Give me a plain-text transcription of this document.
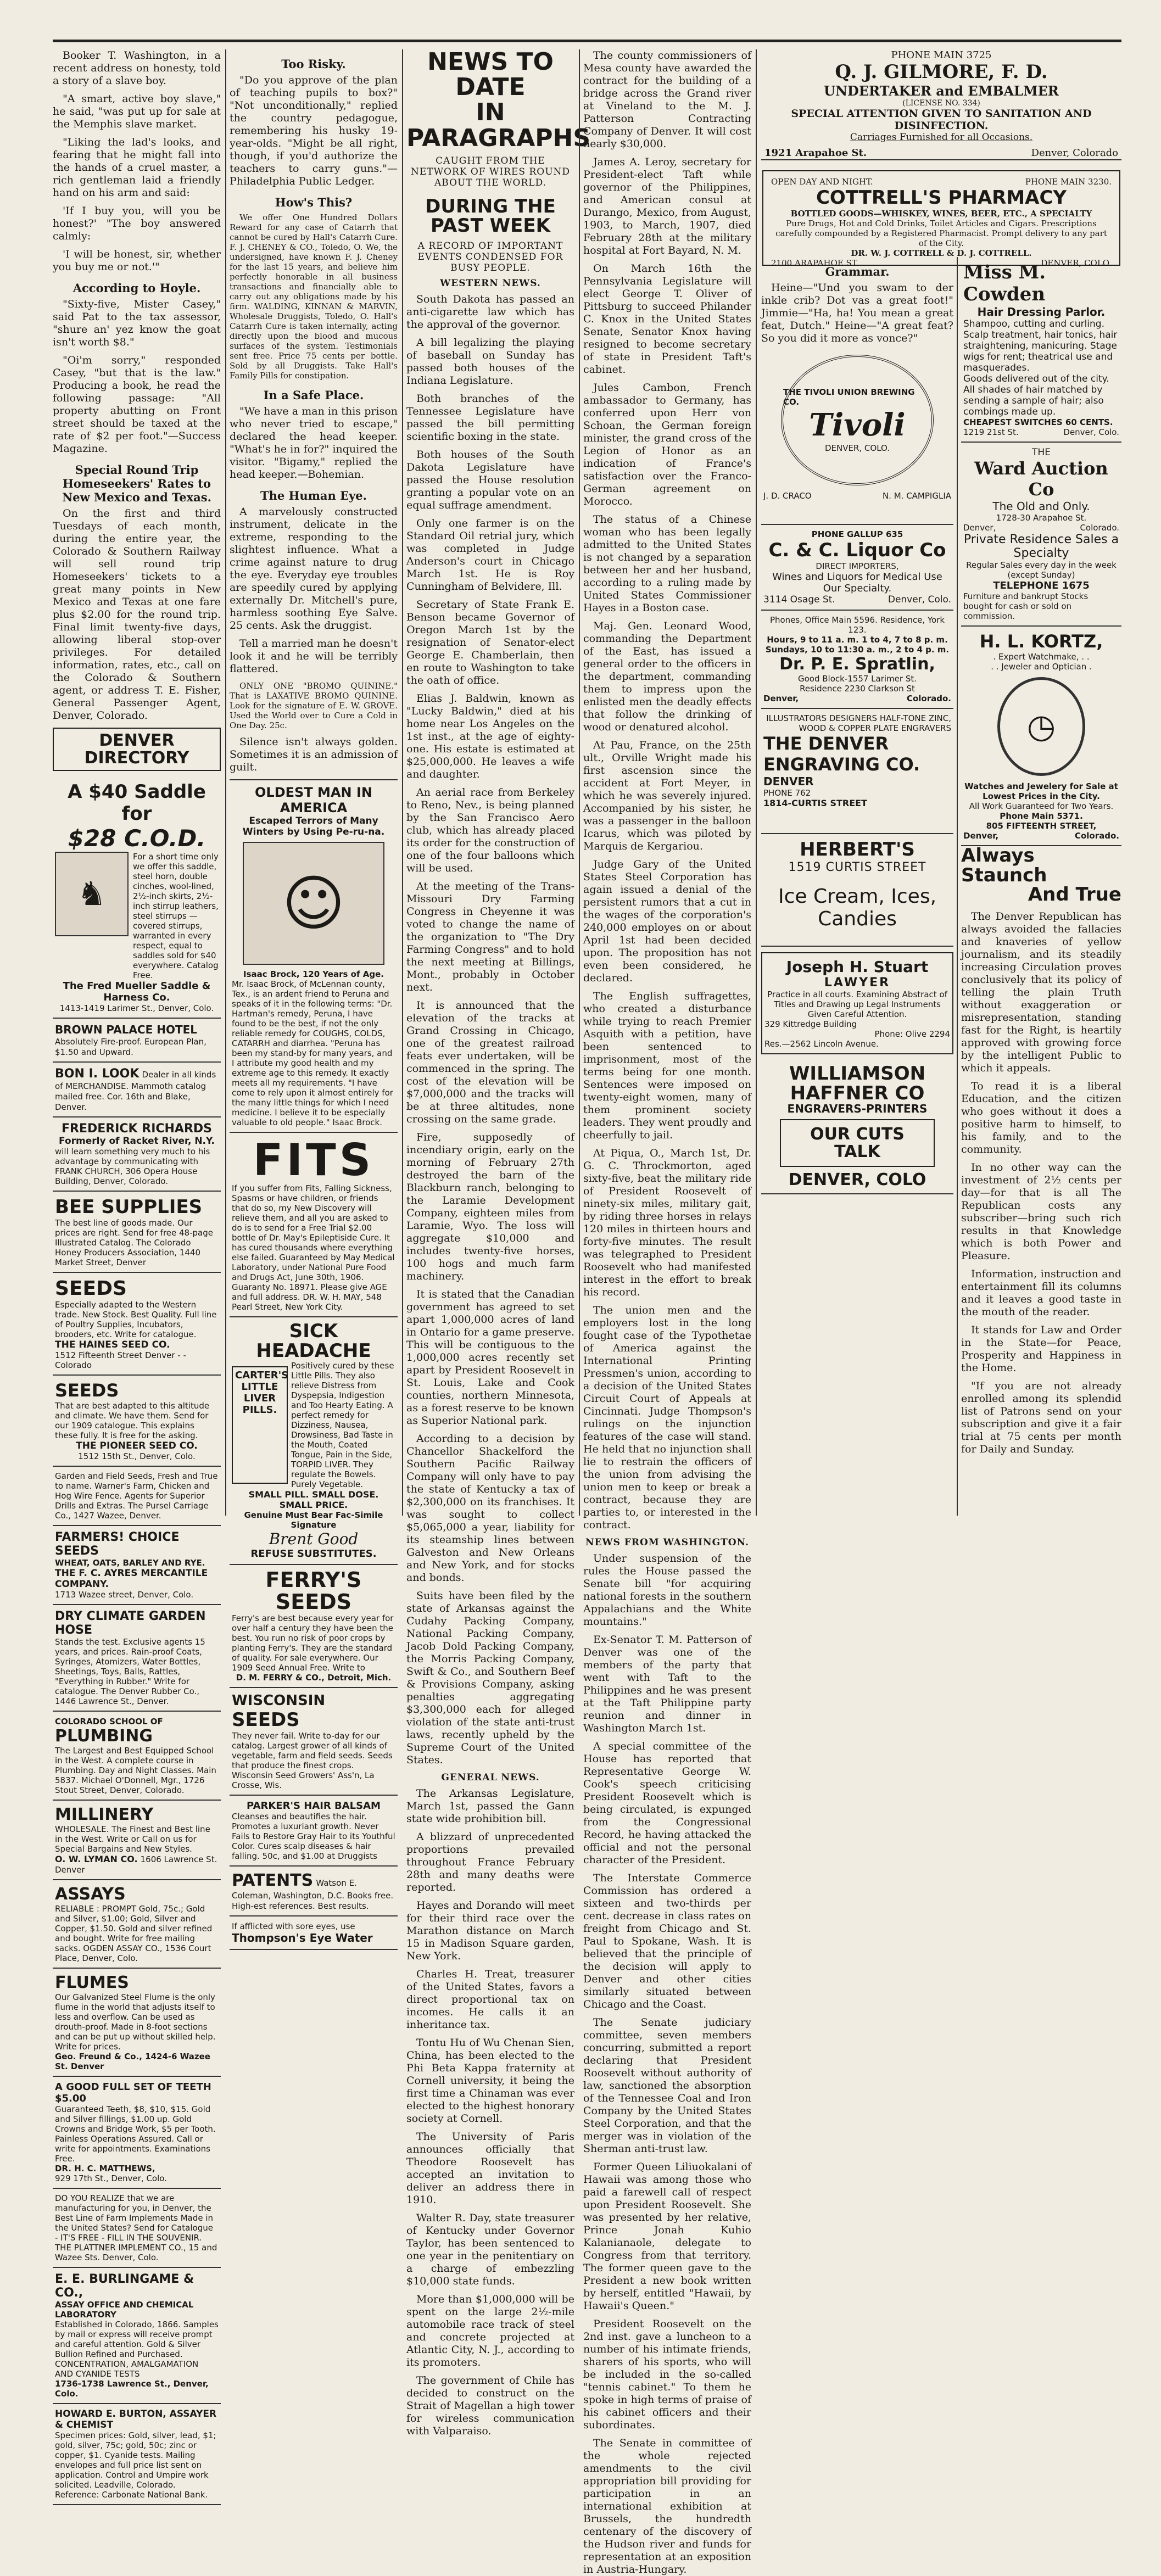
Booker T. Washington, in a recent address on honesty, told a story of a slave boy.

"A smart, active boy slave," he said, "was put up for sale at the Memphis slave market.

"Liking the lad's looks, and fearing that he might fall into the hands of a cruel master, a rich gentleman laid a friendly hand on his arm and said:

'If I buy you, will you be honest?' "The boy answered calmly:

'I will be honest, sir, whether you buy me or not.'"

According to Hoyle.

"Sixty-five, Mister Casey," said Pat to the tax assessor, "shure an' yez know the goat isn't worth $8."

"Oi'm sorry," responded Casey, "but that is the law." Producing a book, he read the following passage: "All property abutting on Front street should be taxed at the rate of $2 per foot."—Success Magazine.

Special Round Trip Homeseekers' Rates to New Mexico and Texas.

On the first and third Tuesdays of each month, during the entire year, the Colorado & Southern Railway will sell round trip Homeseekers' tickets to a great many points in New Mexico and Texas at one fare plus $2.00 for the round trip. Final limit twenty-five days, allowing liberal stop-over privileges. For detailed information, rates, etc., call on the Colorado & Southern agent, or address T. E. Fisher, General Passenger Agent, Denver, Colorado.

DENVER DIRECTORY
A $40 Saddle for
$28 C.O.D.
♞
For a short time only we offer this saddle, steel horn, double cinches, wool-lined, 2½-inch skirts, 2½-inch stirrup leathers, steel stirrups — covered stirrups, warranted in every respect, equal to saddles sold for $40 everywhere. Catalog Free.
The Fred Mueller Saddle & Harness Co.
1413-1419 Larimer St., Denver, Colo.
BROWN PALACE HOTEL Absolutely Fire-proof. European Plan, $1.50 and Upward.
BON I. LOOK Dealer in all kinds of MERCHANDISE. Mammoth catalog mailed free. Cor. 16th and Blake, Denver.
FREDERICK RICHARDS
Formerly of Racket River, N.Y.
will learn something very much to his advantage by communicating with FRANK CHURCH, 306 Opera House Building, Denver, Colorado.
BEE SUPPLIES
The best line of goods made. Our prices are right. Send for free 48-page Illustrated Catalog. The Colorado Honey Producers Association, 1440 Market Street, Denver
SEEDS
Especially adapted to the Western trade. New Stock. Best Quality. Full line of Poultry Supplies, Incubators, brooders, etc. Write for catalogue.
THE HAINES SEED CO.
1512 Fifteenth Street Denver - - Colorado
SEEDS
That are best adapted to this altitude and climate. We have them. Send for our 1909 catalogue. This explains these fully. It is free for the asking.
THE PIONEER SEED CO.
1512 15th St., Denver, Colo.
Garden and Field Seeds, Fresh and True to name. Warner's Farm, Chicken and Hog Wire Fence. Agents for Superior Drills and Extras. The Pursel Carriage Co., 1427 Wazee, Denver.
FARMERS! CHOICE SEEDS
WHEAT, OATS, BARLEY AND RYE.
THE F. C. AYRES MERCANTILE COMPANY.
1713 Wazee street, Denver, Colo.
DRY CLIMATE GARDEN HOSE
Stands the test. Exclusive agents 15 years, and prices. Rain-proof Coats, Syringes, Atomizers, Water Bottles, Sheetings, Toys, Balls, Rattles, "Everything in Rubber." Write for catalogue. The Denver Rubber Co., 1446 Lawrence St., Denver.
COLORADO SCHOOL OF PLUMBING
The Largest and Best Equipped School in the West. A complete course in Plumbing. Day and Night Classes. Main 5837. Michael O'Donnell, Mgr., 1726 Stout Street, Denver, Colorado.
MILLINERY
WHOLESALE. The Finest and Best line in the West. Write or Call on us for Special Bargains and New Styles.
O. W. LYMAN CO. 1606 Lawrence St. Denver
ASSAYS
RELIABLE : PROMPT Gold, 75c.; Gold and Silver, $1.00; Gold, Silver and Copper, $1.50. Gold and silver refined and bought. Write for free mailing sacks. OGDEN ASSAY CO., 1536 Court Place, Denver, Colo.
FLUMES
Our Galvanized Steel Flume is the only flume in the world that adjusts itself to less and overflow. Can be used as drouth-proof. Made in 8-foot sections and can be put up without skilled help. Write for prices.
Geo. Freund & Co., 1424-6 Wazee St. Denver
A GOOD FULL SET OF TEETH $5.00
Guaranteed Teeth, $8, $10, $15. Gold and Silver fillings, $1.00 up. Gold Crowns and Bridge Work, $5 per Tooth. Painless Operations Assured. Call or write for appointments. Examinations Free.
DR. H. C. MATTHEWS,
929 17th St., Denver, Colo.
DO YOU REALIZE that we are manufacturing for you, in Denver, the Best Line of Farm Implements Made in the United States? Send for Catalogue - IT'S FREE - FILL IN THE SOUVENIR. THE PLATTNER IMPLEMENT CO., 15 and Wazee Sts. Denver, Colo.
E. E. BURLINGAME & CO.,
ASSAY OFFICE AND CHEMICAL LABORATORY
Established in Colorado, 1866. Samples by mail or express will receive prompt and careful attention. Gold & Silver Bullion Refined and Purchased. CONCENTRATION, AMALGAMATION AND CYANIDE TESTS
1736-1738 Lawrence St., Denver, Colo.
HOWARD E. BURTON, ASSAYER & CHEMIST
Specimen prices: Gold, silver, lead, $1; gold, silver, 75c; gold, 50c; zinc or copper, $1. Cyanide tests. Mailing envelopes and full price list sent on application. Control and Umpire work solicited. Leadville, Colorado. Reference: Carbonate National Bank.
Too Risky.

"Do you approve of the plan of teaching pupils to box?" "Not unconditionally," replied the country pedagogue, remembering his husky 19-year-olds. "Might be all right, though, if you'd authorize the teachers to carry guns."—Philadelphia Public Ledger.

How's This?

We offer One Hundred Dollars Reward for any case of Catarrh that cannot be cured by Hall's Catarrh Cure. F. J. CHENEY & CO., Toledo, O. We, the undersigned, have known F. J. Cheney for the last 15 years, and believe him perfectly honorable in all business transactions and financially able to carry out any obligations made by his firm. WALDING, KINNAN & MARVIN, Wholesale Druggists, Toledo, O. Hall's Catarrh Cure is taken internally, acting directly upon the blood and mucous surfaces of the system. Testimonials sent free. Price 75 cents per bottle. Sold by all Druggists. Take Hall's Family Pills for constipation.

In a Safe Place.

"We have a man in this prison who never tried to escape," declared the head keeper. "What's he in for?" inquired the visitor. "Bigamy," replied the head keeper.—Bohemian.

The Human Eye.

A marvelously constructed instrument, delicate in the extreme, responding to the slightest influence. What a crime against nature to drug the eye. Everyday eye troubles are speedily cured by applying externally Dr. Mitchell's pure, harmless soothing Eye Salve. 25 cents. Ask the druggist.

Tell a married man he doesn't look it and he will be terribly flattered.

ONLY ONE "BROMO QUININE." That is LAXATIVE BROMO QUININE. Look for the signature of E. W. GROVE. Used the World over to Cure a Cold in One Day. 25c.

Silence isn't always golden. Sometimes it is an admission of guilt.

OLDEST MAN IN AMERICA
Escaped Terrors of Many Winters by Using Pe-ru-na.
☺
Isaac Brock, 120 Years of Age.
Mr. Isaac Brock, of McLennan county, Tex., is an ardent friend to Peruna and speaks of it in the following terms: "Dr. Hartman's remedy, Peruna, I have found to be the best, if not the only reliable remedy for COUGHS, COLDS, CATARRH and diarrhea. "Peruna has been my stand-by for many years, and I attribute my good health and my extreme age to this remedy. It exactly meets all my requirements. "I have come to rely upon it almost entirely for the many little things for which I need medicine. I believe it to be especially valuable to old people." Isaac Brock.
FITS
If you suffer from Fits, Falling Sickness, Spasms or have children, or friends that do so, my New Discovery will relieve them, and all you are asked to do is to send for a Free Trial $2.00 bottle of Dr. May's Epileptiside Cure. It has cured thousands where everything else failed. Guaranteed by May Medical Laboratory, under National Pure Food and Drugs Act, June 30th, 1906. Guaranty No. 18971. Please give AGE and full address. DR. W. H. MAY, 548 Pearl Street, New York City.
SICK HEADACHE
CARTER'S LITTLE LIVER PILLS.
Positively cured by these Little Pills. They also relieve Distress from Dyspepsia, Indigestion and Too Hearty Eating. A perfect remedy for Dizziness, Nausea, Drowsiness, Bad Taste in the Mouth, Coated Tongue, Pain in the Side, TORPID LIVER. They regulate the Bowels. Purely Vegetable.
SMALL PILL. SMALL DOSE. SMALL PRICE.
Genuine Must Bear Fac-Simile Signature
Brent Good
REFUSE SUBSTITUTES.
FERRY'S SEEDS
Ferry's are best because every year for over half a century they have been the best. You run no risk of poor crops by planting Ferry's. They are the standard of quality. For sale everywhere. Our 1909 Seed Annual Free. Write to
D. M. FERRY & CO., Detroit, Mich.
WISCONSIN SEEDS
They never fail. Write to-day for our catalog. Largest grower of all kinds of vegetable, farm and field seeds. Seeds that produce the finest crops. Wisconsin Seed Growers' Ass'n, La Crosse, Wis.
PARKER'S HAIR BALSAM
Cleanses and beautifies the hair. Promotes a luxuriant growth. Never Fails to Restore Gray Hair to its Youthful Color. Cures scalp diseases & hair falling. 50c, and $1.00 at Druggists
PATENTS Watson E. Coleman, Washington, D.C. Books free. High-est references. Best results.
If afflicted with sore eyes, use Thompson's Eye Water
NEWS TO DATE
IN PARAGRAPHS
CAUGHT FROM THE NETWORK OF WIRES ROUND ABOUT THE WORLD.
DURING THE PAST WEEK
A RECORD OF IMPORTANT EVENTS CONDENSED FOR BUSY PEOPLE.
WESTERN NEWS.

South Dakota has passed an anti-cigarette law which has the approval of the governor.

A bill legalizing the playing of baseball on Sunday has passed both houses of the Indiana Legislature.

Both branches of the Tennessee Legislature have passed the bill permitting scientific boxing in the state.

Both houses of the South Dakota Legislature have passed the House resolution granting a popular vote on an equal suffrage amendment.

Only one farmer is on the Standard Oil retrial jury, which was completed in Judge Anderson's court in Chicago March 1st. He is Roy Cunningham of Belvidere, Ill.

Secretary of State Frank E. Benson became Governor of Oregon March 1st by the resignation of Senator-elect George E. Chamberlain, then en route to Washington to take the oath of office.

Elias J. Baldwin, known as "Lucky Baldwin," died at his home near Los Angeles on the 1st inst., at the age of eighty-one. His estate is estimated at $25,000,000. He leaves a wife and daughter.

An aerial race from Berkeley to Reno, Nev., is being planned by the San Francisco Aero club, which has already placed its order for the construction of one of the four balloons which will be used.

At the meeting of the Trans-Missouri Dry Farming Congress in Cheyenne it was voted to change the name of the organization to "The Dry Farming Congress" and to hold the next meeting at Billings, Mont., probably in October next.

It is announced that the elevation of the tracks at Grand Crossing in Chicago, one of the greatest railroad feats ever undertaken, will be commenced in the spring. The cost of the elevation will be $7,000,000 and the tracks will be at three altitudes, none crossing on the same grade.

Fire, supposedly of incendiary origin, early on the morning of February 27th destroyed the barn of the Blackburn ranch, belonging to the Laramie Development Company, eighteen miles from Laramie, Wyo. The loss will aggregate $10,000 and includes twenty-five horses, 100 hogs and much farm machinery.

It is stated that the Canadian government has agreed to set apart 1,000,000 acres of land in Ontario for a game preserve. This will be contiguous to the 1,000,000 acres recently set apart by President Roosevelt in St. Louis, Lake and Cook counties, northern Minnesota, as a forest reserve to be known as Superior National park.

According to a decision by Chancellor Shackelford the Southern Pacific Railway Company will only have to pay the state of Kentucky a tax of $2,300,000 on its franchises. It was sought to collect $5,065,000 a year, liability for its steamship lines between Galveston and New Orleans and New York, and for stocks and bonds.

Suits have been filed by the state of Arkansas against the Cudahy Packing Company, National Packing Company, Jacob Dold Packing Company, the Morris Packing Company, Swift & Co., and Southern Beef & Provisions Company, asking penalties aggregating $3,300,000 each for alleged violation of the state anti-trust laws, recently upheld by the Supreme Court of the United States.

GENERAL NEWS.

The Arkansas Legislature, March 1st, passed the Gann state wide prohibition bill.

A blizzard of unprecedented proportions prevailed throughout France February 28th and many deaths were reported.

Hayes and Dorando will meet for their third race over the Marathon distance on March 15 in Madison Square garden, New York.

Charles H. Treat, treasurer of the United States, favors a direct proportional tax on incomes. He calls it an inheritance tax.

Tontu Hu of Wu Chenan Sien, China, has been elected to the Phi Beta Kappa fraternity at Cornell university, it being the first time a Chinaman was ever elected to the highest honorary society at Cornell.

The University of Paris announces officially that Theodore Roosevelt has accepted an invitation to deliver an address there in 1910.

Walter R. Day, state treasurer of Kentucky under Governor Taylor, has been sentenced to one year in the penitentiary on a charge of embezzling $10,000 state funds.

More than $1,000,000 will be spent on the large 2½-mile automobile race track of steel and concrete projected at Atlantic City, N. J., according to its promoters.

The government of Chile has decided to construct on the Strait of Magellan a high tower for wireless communication with Valparaiso.

The county commissioners of Mesa county have awarded the contract for the building of a bridge across the Grand river at Vineland to the M. J. Patterson Contracting Company of Denver. It will cost nearly $30,000.

James A. Leroy, secretary for President-elect Taft while governor of the Philippines, and American consul at Durango, Mexico, from August, 1903, to March, 1907, died February 28th at the military hospital at Fort Bayard, N. M.

On March 16th the Pennsylvania Legislature will elect George T. Oliver of Pittsburg to succeed Philander C. Knox in the United States Senate, Senator Knox having resigned to become secretary of state in President Taft's cabinet.

Jules Cambon, French ambassador to Germany, has conferred upon Herr von Schoan, the German foreign minister, the grand cross of the Legion of Honor as an indication of France's satisfaction over the Franco-German agreement on Morocco.

The status of a Chinese woman who has been legally admitted to the United States is not changed by a separation between her and her husband, according to a ruling made by United States Commissioner Hayes in a Boston case.

Maj. Gen. Leonard Wood, commanding the Department of the East, has issued a general order to the officers in the department, commanding them to impress upon the enlisted men the deadly effects that follow the drinking of wood or denatured alcohol.

At Pau, France, on the 25th ult., Orville Wright made his first ascension since the accident at Fort Meyer, in which he was severely injured. Accompanied by his sister, he was a passenger in the balloon Icarus, which was piloted by Marquis de Kergariou.

Judge Gary of the United States Steel Corporation has again issued a denial of the persistent rumors that a cut in the wages of the corporation's 240,000 employes on or about April 1st had been decided upon. The proposition has not even been considered, he declared.

The English suffragettes, who created a disturbance while trying to reach Premier Asquith with a petition, have been sentenced to imprisonment, most of the terms being for one month. Sentences were imposed on twenty-eight women, many of them prominent society leaders. They went proudly and cheerfully to jail.

At Piqua, O., March 1st, Dr. G. C. Throckmorton, aged sixty-five, beat the military ride of President Roosevelt of ninety-six miles, military gait, by riding three horses in relays 120 miles in thirteen hours and forty-five minutes. The result was telegraphed to President Roosevelt who had manifested interest in the effort to break his record.

The union men and the employers lost in the long fought case of the Typothetae of America against the International Printing Pressmen's union, according to a decision of the United States Circuit Court of Appeals at Cincinnati. Judge Thompson's rulings on the injunction features of the case will stand. He held that no injunction shall lie to restrain the officers of the union from advising the union men to keep or break a contract, because they are parties to, or interested in the contract.

NEWS FROM WASHINGTON.

Under suspension of the rules the House passed the Senate bill "for acquiring national forests in the southern Appalachians and the White mountains."

Ex-Senator T. M. Patterson of Denver was one of the members of the party that went with Taft to the Philippines and he was present at the Taft Philippine party reunion and dinner in Washington March 1st.

A special committee of the House has reported that Representative George W. Cook's speech criticising President Roosevelt which is being circulated, is expunged from the Congressional Record, he having attacked the official and not the personal character of the President.

The Interstate Commerce Commission has ordered a sixteen and two-thirds per cent. decrease in class rates on freight from Chicago and St. Paul to Spokane, Wash. It is believed that the principle of the decision will apply to Denver and other cities similarly situated between Chicago and the Coast.

The Senate judiciary committee, seven members concurring, submitted a report declaring that President Roosevelt without authority of law, sanctioned the absorption of the Tennessee Coal and Iron Company by the United States Steel Corporation, and that the merger was in violation of the Sherman anti-trust law.

Former Queen Liliuokalani of Hawaii was among those who paid a farewell call of respect upon President Roosevelt. She was presented by her relative, Prince Jonah Kuhio Kalanianaole, delegate to Congress from that territory. The former queen gave to the President a new book written by herself, entitled "Hawaii, by Hawaii's Queen."

President Roosevelt on the 2nd inst. gave a luncheon to a number of his intimate friends, sharers of his sports, who will be included in the so-called "tennis cabinet." To them he spoke in high terms of praise of his cabinet officers and their subordinates.

The Senate in committee of the whole rejected amendments to the civil appropriation bill providing for participation in an international exhibition at Brussels, the hundredth centenary of the discovery of the Hudson river and funds for representation at an exposition in Austria-Hungary.

PHONE MAIN 3725
Q. J. GILMORE, F. D.
UNDERTAKER and EMBALMER
(LICENSE NO. 334)
SPECIAL ATTENTION GIVEN TO SANITATION AND DISINFECTION.
Carriages Furnished for all Occasions.
1921 Arapahoe St.	Denver, Colorado
OPEN DAY AND NIGHT.	PHONE MAIN 3230.
COTTRELL'S PHARMACY
BOTTLED GOODS—WHISKEY, WINES, BEER, ETC., A SPECIALTY
Pure Drugs, Hot and Cold Drinks, Toilet Articles and Cigars. Prescriptions carefully compounded by a Registered Pharmacist. Prompt delivery to any part of the City.
DR. W. J. COTTRELL & D. J. COTTRELL.
2100 ARAPAHOE ST.	DENVER, COLO.
Grammar.

Heine—"Und you swam to der inkle crib? Dot vas a great foot!" Jimmie—"Ha, ha! You mean a great feat, Dutch." Heine—"A great feat? So you did it more as vonce?"

THE TIVOLI UNION BREWING CO.
Tivoli
DENVER, COLO.
J. D. CRACO	N. M. CAMPIGLIA
PHONE GALLUP 635
C. & C. Liquor Co
DIRECT IMPORTERS,
Wines and Liquors for Medical Use Our Specialty.
3114 Osage St.	Denver, Colo.
Phones, Office Main 5596. Residence, York 123.
Hours, 9 to 11 a. m. 1 to 4, 7 to 8 p. m. Sundays, 10 to 11:30 a. m., 2 to 4 p. m.
Dr. P. E. Spratlin,
Good Block-1557 Larimer St.
Residence 2230 Clarkson St
Denver,	Colorado.
ILLUSTRATORS DESIGNERS HALF-TONE ZINC, WOOD & COPPER PLATE ENGRAVERS
THE DENVER
ENGRAVING CO.
DENVER
PHONE 762
1814-CURTIS STREET
HERBERT'S
1519 CURTIS STREET
Ice Cream, Ices, Candies
Joseph H. Stuart
LAWYER
Practice in all courts. Examining Abstract of Titles and Drawing up Legal Instruments Given Careful Attention.
329 Kittredge Building
Phone: Olive 2294
Res.—2562 Lincoln Avenue.
WILLIAMSON
HAFFNER CO
ENGRAVERS-PRINTERS
OUR CUTS TALK
DENVER, COLO
Miss M. Cowden
Hair Dressing Parlor.
Shampoo, cutting and curling. Scalp treatment, hair tonics, hair straightening, manicuring. Stage wigs for rent; theatrical use and masquerades.
Goods delivered out of the city. All shades of hair matched by sending a sample of hair; also combings made up.
CHEAPEST SWITCHES 60 CENTS.
1219 21st St.	Denver, Colo.
THE
Ward Auction Co
The Old and Only.
1728-30 Arapahoe St.
Denver,	Colorado.
Private Residence Sales a Specialty
Regular Sales every day in the week (except Sunday)
TELEPHONE 1675
Furniture and bankrupt Stocks bought for cash or sold on commission.
H. L. KORTZ,
. Expert Watchmake, . .
. . Jeweler and Optician .
◷
Watches and Jewelery for Sale at Lowest Prices in the City.
All Work Guaranteed for Two Years.
Phone Main 5371.
805 FIFTEENTH STREET,
Denver,	Colorado.
Always Staunch
And True

The Denver Republican has always avoided the fallacies and knaveries of yellow journalism, and its steadily increasing Circulation proves conclusively that its policy of telling the plain Truth without exaggeration or misrepresentation, standing fast for the Right, is heartily approved with growing force by the intelligent Public to which it appeals.

To read it is a liberal Education, and the citizen who goes without it does a positive harm to himself, to his family, and to the community.

In no other way can the investment of 2½ cents per day—for that is all The Republican costs any subscriber—bring such rich results in that Knowledge which is both Power and Pleasure.

Information, instruction and entertainment fill its columns and it leaves a good taste in the mouth of the reader.

It stands for Law and Order in the State—for Peace, Prosperity and Happiness in the Home.

"If you are not already enrolled among its splendid list of Patrons send on your subscription and give it a fair trial at 75 cents per month for Daily and Sunday.
